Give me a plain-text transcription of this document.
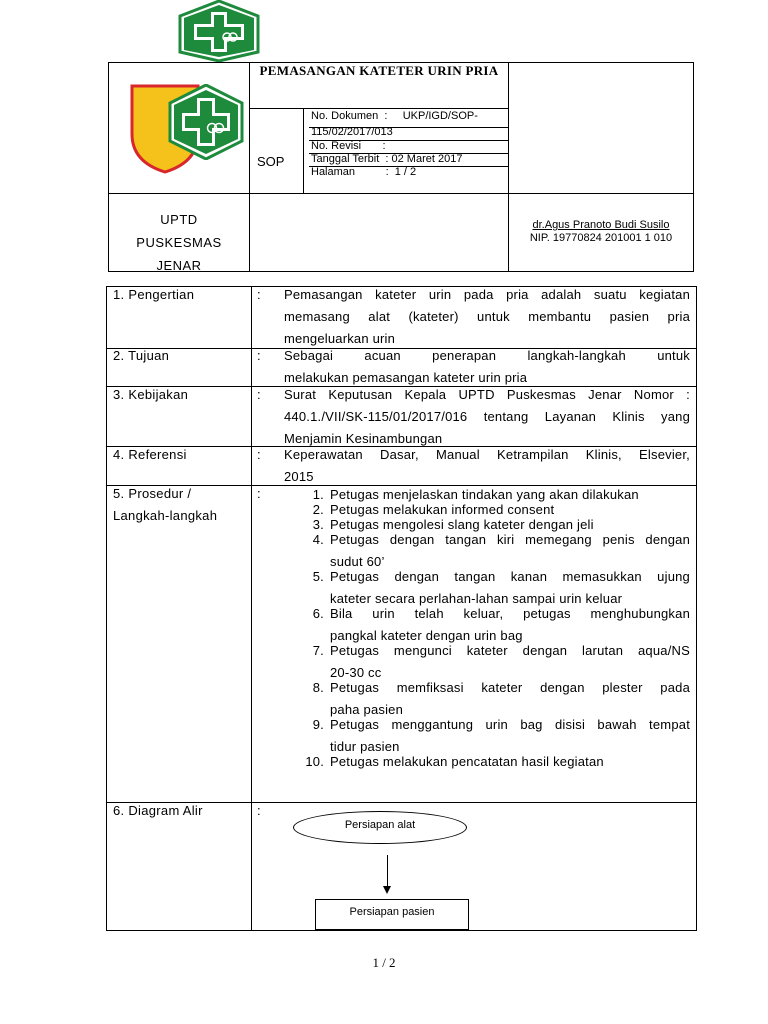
PEMASANGAN KATETER URIN PRIA
SOP
No. Dokumen  :     UKP/IGD/SOP-
115/02/2017/013
No. Revisi       :
Tanggal Terbit  : 02 Maret 2017
Halaman          :  1 / 2
UPTD
PUSKESMAS
JENAR
dr.Agus Pranoto Budi Susilo
NIP. 19770824 201001 1 010
1. Pengertian	: Pemasangan kateter urin pada pria adalah suatu kegiatan
memasang alat (kateter) untuk membantu pasien pria
mengeluarkan urin
2. Tujuan	: Sebagai acuan penerapan langkah-langkah untuk
melakukan pemasangan kateter urin pria
3. Kebijakan	: Surat Keputusan Kepala UPTD Puskesmas Jenar Nomor :
440.1./VII/SK-115/01/2017/016 tentang Layanan Klinis yang
Menjamin Kesinambungan
4. Referensi	: Keperawatan Dasar, Manual Ketrampilan Klinis, Elsevier,
2015
5. Prosedur /
Langkah-langkah
:	1. Petugas menjelaskan tindakan yang akan dilakukan
2. Petugas melakukan informed consent
3. Petugas mengolesi slang kateter dengan jeli
4. Petugas dengan tangan kiri memegang penis dengan
sudut 60’
5. Petugas dengan tangan kanan memasukkan ujung
kateter secara perlahan-lahan sampai urin keluar
6. Bila urin telah keluar, petugas menghubungkan
pangkal kateter dengan urin bag
7. Petugas mengunci kateter dengan larutan aqua/NS
20-30 cc
8. Petugas memfiksasi kateter dengan plester pada
paha pasien
9. Petugas menggantung urin bag disisi bawah tempat
tidur pasien
10. Petugas melakukan pencatatan hasil kegiatan
6. Diagram Alir	:
Persiapan alat
Persiapan pasien
1 / 2
